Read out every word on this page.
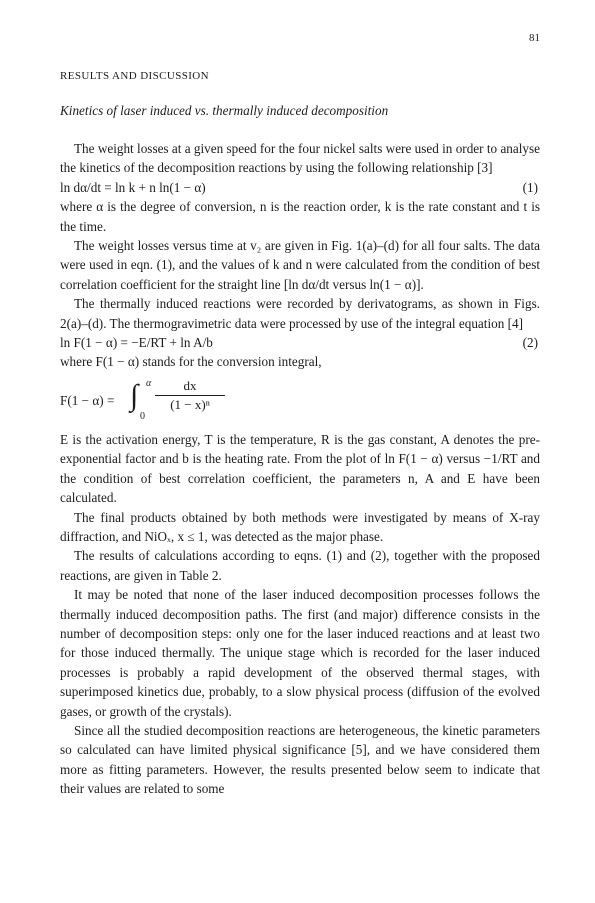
81
RESULTS AND DISCUSSION
Kinetics of laser induced vs. thermally induced decomposition

The weight losses at a given speed for the four nickel salts were used in order to analyse the kinetics of the decomposition reactions by using the following relationship [3]

ln dα/dt = ln k + n ln(1 − α)	(1)

where α is the degree of conversion, n is the reaction order, k is the rate constant and t is the time.

The weight losses versus time at v₂ are given in Fig. 1(a)–(d) for all four salts. The data were used in eqn. (1), and the values of k and n were calculated from the condition of best correlation coefficient for the straight line [ln dα/dt versus ln(1 − α)].

The thermally induced reactions were recorded by derivatograms, as shown in Figs. 2(a)–(d). The thermogravimetric data were processed by use of the integral equation [4]

ln F(1 − α) = −E/RT + ln A/b	(2)

where F(1 − α) stands for the conversion integral,

F(1 − α) = ∫ α
0
dx
(1 − x)ⁿ

E is the activation energy, T is the temperature, R is the gas constant, A denotes the pre-exponential factor and b is the heating rate. From the plot of ln F(1 − α) versus −1/RT and the condition of best correlation coefficient, the parameters n, A and E have been calculated.

The final products obtained by both methods were investigated by means of X-ray diffraction, and NiOₓ, x ≤ 1, was detected as the major phase.

The results of calculations according to eqns. (1) and (2), together with the proposed reactions, are given in Table 2.

It may be noted that none of the laser induced decomposition processes follows the thermally induced decomposition paths. The first (and major) difference consists in the number of decomposition steps: only one for the laser induced reactions and at least two for those induced thermally. The unique stage which is recorded for the laser induced processes is probably a rapid development of the observed thermal stages, with superimposed kinetics due, probably, to a slow physical process (diffusion of the evolved gases, or growth of the crystals).

Since all the studied decomposition reactions are heterogeneous, the kinetic parameters so calculated can have limited physical significance [5], and we have considered them more as fitting parameters. However, the results presented below seem to indicate that their values are related to some
